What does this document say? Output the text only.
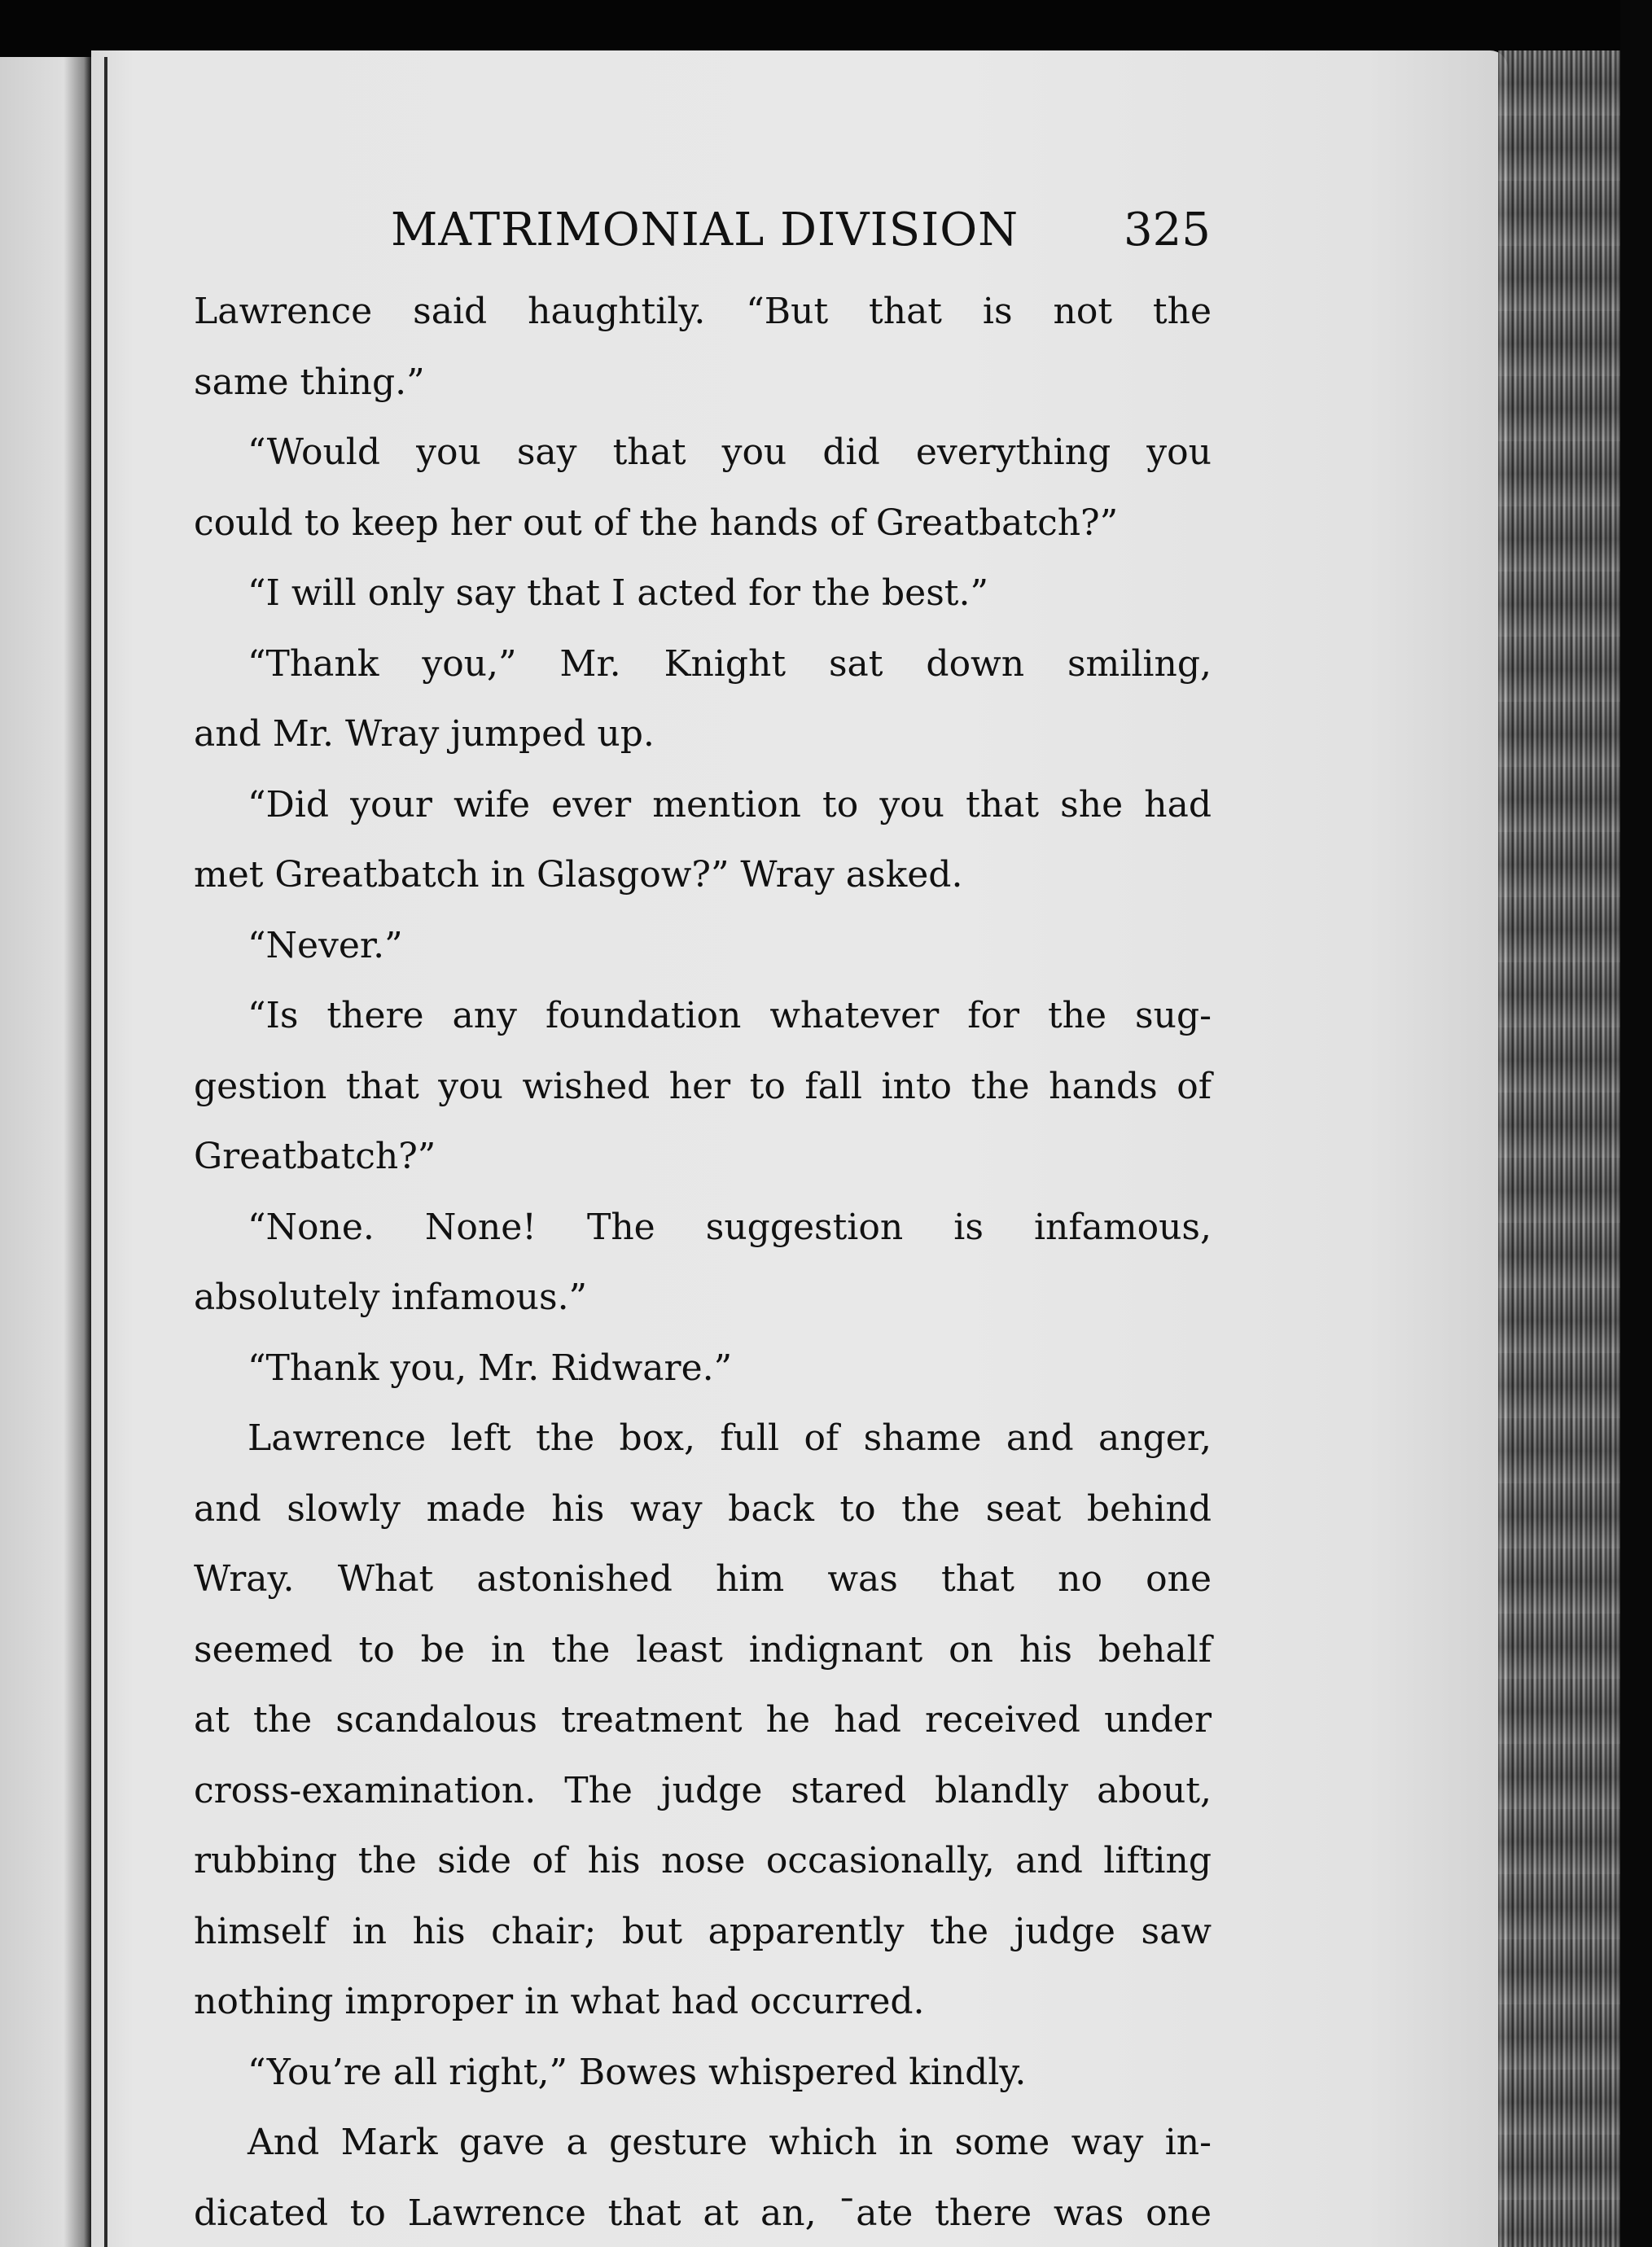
MATRIMONIAL DIVISION 325
Lawrence said haughtily. “But that is not the
same thing.”
“Would you say that you did everything you
could to keep her out of the hands of Greatbatch?”
“I will only say that I acted for the best.”
“Thank you,” Mr. Knight sat down smiling,
and Mr. Wray jumped up.
“Did your wife ever mention to you that she had
met Greatbatch in Glasgow?” Wray asked.
“Never.”
“Is there any foundation whatever for the sug-
gestion that you wished her to fall into the hands of
Greatbatch?”
“None. None! The suggestion is infamous,
absolutely infamous.”
“Thank you, Mr. Ridware.”
Lawrence left the box, full of shame and anger,
and slowly made his way back to the seat behind
Wray. What astonished him was that no one
seemed to be in the least indignant on his behalf
at the scandalous treatment he had received under
cross-examination. The judge stared blandly about,
rubbing the side of his nose occasionally, and lifting
himself in his chair; but apparently the judge saw
nothing improper in what had occurred.
“You’re all right,” Bowes whispered kindly.
And Mark gave a gesture which in some way in-
dicated to Lawrence that at an, ˉate there was one
